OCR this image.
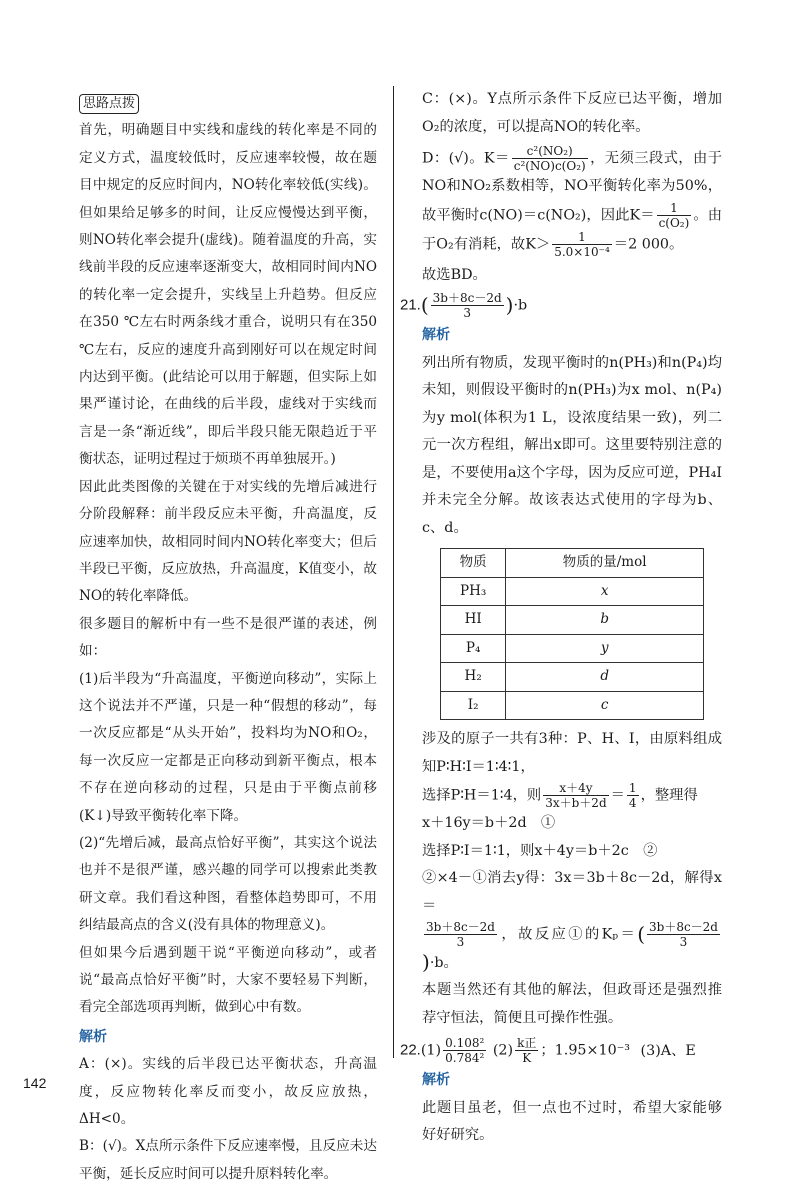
思路点拨

首先，明确题目中实线和虚线的转化率是不同的定义方式，温度较低时，反应速率较慢，故在题目中规定的反应时间内，NO转化率较低(实线)。但如果给足够多的时间，让反应慢慢达到平衡，则NO转化率会提升(虚线)。随着温度的升高，实线前半段的反应速率逐渐变大，故相同时间内NO的转化率一定会提升，实线呈上升趋势。但反应在350 ℃左右时两条线才重合，说明只有在350 ℃左右，反应的速度升高到刚好可以在规定时间内达到平衡。(此结论可以用于解题，但实际上如果严谨讨论，在曲线的后半段，虚线对于实线而言是一条“渐近线”，即后半段只能无限趋近于平衡状态，证明过程过于烦琐不再单独展开。)

因此此类图像的关键在于对实线的先增后减进行分阶段解释：前半段反应未平衡，升高温度，反应速率加快，故相同时间内NO转化率变大；但后半段已平衡，反应放热，升高温度，K值变小，故NO的转化率降低。

很多题目的解析中有一些不是很严谨的表述，例如：

(1)后半段为“升高温度，平衡逆向移动”，实际上这个说法并不严谨，只是一种“假想的移动”，每一次反应都是“从头开始”，投料均为NO和O₂，每一次反应一定都是正向移动到新平衡点，根本不存在逆向移动的过程，只是由于平衡点前移(K↓)导致平衡转化率下降。

(2)“先增后减，最高点恰好平衡”，其实这个说法也并不是很严谨，感兴趣的同学可以搜索此类教研文章。我们看这种图，看整体趋势即可，不用纠结最高点的含义(没有具体的物理意义)。

但如果今后遇到题干说“平衡逆向移动”，或者说“最高点恰好平衡”时，大家不要轻易下判断，看完全部选项再判断，做到心中有数。

解析

A：(×)。实线的后半段已达平衡状态，升高温度，反应物转化率反而变小，故反应放热，ΔH<0。

B：(√)。X点所示条件下反应速率慢，且反应未达平衡，延长反应时间可以提升原料转化率。

C：(×)。Y点所示条件下反应已达平衡，增加O₂的浓度，可以提高NO的转化率。

D：(√)。$K= \frac{\text{c²(NO₂)}}{\text{c²(NO)c(O₂)}}$ ，无须三段式，由于NO和NO₂系数相等，NO平衡转化率为50%，故平衡时c(NO)＝c(NO₂)，因此$K= \frac{1}{\text{c(O₂)}}$ 。由于O₂有消耗，故$K> \frac{1}{\text{5.0×10⁻⁴}} =2$ 000。

故选BD。

$21.( \frac{3b+8c-2d}{3} )\cdot b$

解析

列出所有物质，发现平衡时的n(PH₃)和n(P₄)均未知，则假设平衡时的n(PH₃)为x mol、n(P₄)为y mol(体积为1 L，设浓度结果一致)，列二元一次方程组，解出x即可。这里要特别注意的是，不要使用a这个字母，因为反应可逆，PH₄I并未完全分解。故该表达式使用的字母为b、c、d。

物质	物质的量/mol
PH₃	x
HI	b
P₄	y
H₂	d
I₂	c

涉及的原子一共有3种：P、H、I，由原料组成知P∶H∶I＝1∶4∶1，

选择P∶H＝1∶4，则 $\frac{x+4y}{3x+b+2d} = \frac{1}{4}$ ，整理得

x＋16y＝b＋2d　①

选择P∶I＝1∶1，则x＋4y＝b＋2c　②

②×4－①消去y得：3x＝3b＋8c－2d，解得x＝

$\frac{3b+8c-2d}{3}$ ，故反应①的$K_p=( \frac{3b+8c-2d}{3}$
)·b。

本题当然还有其他的解法，但政哥还是强烈推荐守恒法，简便且可操作性强。

$22.(1) \frac{\text{0.108²}}{\text{0.784²}} (2) \frac{\text{k正}}{K}$ ；1.95×10⁻³ (3)A、E

解析

此题目虽老，但一点也不过时，希望大家能够好好研究。

142
